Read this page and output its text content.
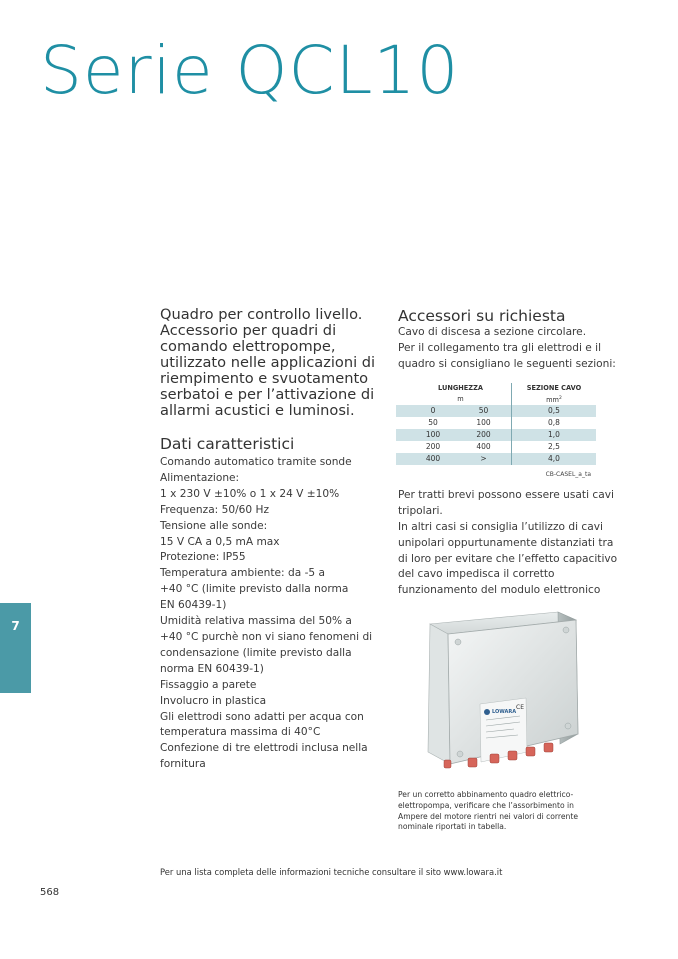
Serie QCL10
Quadro per controllo livello.
Accessorio per quadri di
comando elettropompe,
utilizzato nelle applicazioni di
riempimento e svuotamento
serbatoi e per l’attivazione di
allarmi acustici e luminosi.
Dati caratteristici
Comando automatico tramite sonde
Alimentazione:
1 x 230 V ±10% o 1 x 24 V ±10%
Frequenza: 50/60 Hz
Tensione alle sonde:
15 V CA a 0,5 mA max
Protezione: IP55
Temperatura ambiente: da -5 a
+40 °C (limite previsto dalla norma
EN 60439-1)
Umidità relativa massima del 50% a
+40 °C purchè non vi siano fenomeni di
condensazione (limite previsto dalla
norma EN 60439-1)
Fissaggio a parete
Involucro in plastica
Gli elettrodi sono adatti per acqua con
temperatura massima di 40°C
Confezione di tre elettrodi inclusa nella
fornitura
Accessori su richiesta
Cavo di discesa a sezione circolare.
Per il collegamento tra gli elettrodi e il
quadro si consigliano le seguenti sezioni:
LUNGHEZZA	SEZIONE CAVO
m	$mm^2$
0	50	0,5
50	100	0,8
100	200	1,0
200	400	2,5
400	>	4,0
CB-CASEL_a_ta
Per tratti brevi possono essere usati cavi
tripolari.
In altri casi si consiglia l’utilizzo di cavi
unipolari oppurtunamente distanziati tra
di loro per evitare che l’effetto capacitivo
del cavo impedisca il corretto
funzionamento del modulo elettronico
LOWARA
CE
Per un corretto abbinamento quadro elettrico-
elettropompa, verificare che l’assorbimento in
Ampere del motore rientri nei valori di corrente
nominale riportati in tabella.
7
Per una lista completa delle informazioni tecniche consultare il sito www.lowara.it
568
